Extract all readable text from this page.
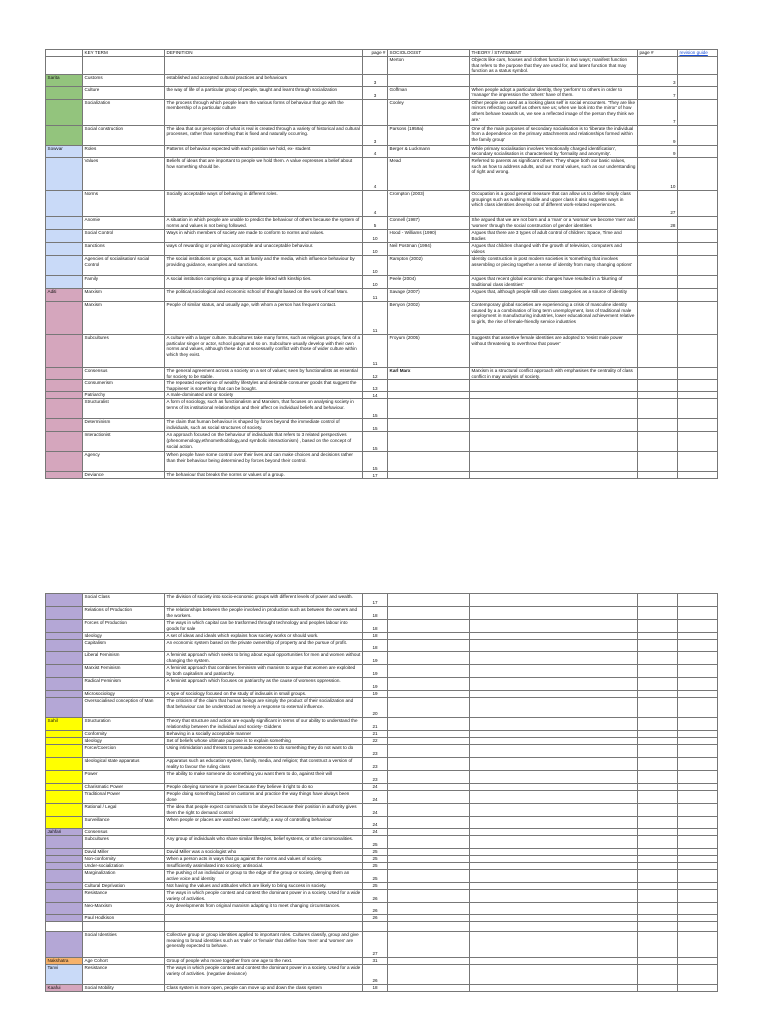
	KEY TERM	DEFINITION	page #	SOCIOLOGIST	THEORY / STATEMENT	page #	revision guide
				Merton	Objects like cars, houses and clothes function in two ways; manifest function that refers to the purpose that they are used for, and latent function that may function as a status symbol.		
Sarita	Customs	established and accepted cultural practices and behaviours	3			3	
	Culture	the way of life of a particular group of people, taught and learnt through socialization	3	Goffman	When people adopt a particular identity, they 'perform' to others in order to 'manage' the impression the 'others' have of them.	7	
	Socialization	The process through which people learn the various forms of behaviour that go with the membership of a particular culture		Cooley	Other people are used as a looking glass self in social encounters. 'They are like mirrors reflecting ourself as others see us; when we look into the mirror' of how others behave towards us, we see a reflected image of the person they think we are.'	7	
	Social construction	The idea that our perception of what is real is created through a variety of historical and cultural processes, rather than something that is fixed and naturally occurring.	3	Parsons (1959a)	One of the main purposes of secondary socialisation is to 'liberate the individual from a dependence on the primary attachments and relationships formed within the family group'	9	
Sowvar	Roles	Patterns of behaviour expected with each position we hold, ex- student	4	Berger & Luckmann	While primary socialisation involves 'emotionally charged identification', secondary socialisation is characterised by 'formality and anonymity'.	9	
	Values	Beliefs of ideas that are important to people we hold them. A value expresses a belief about how something should be.	4	Mead	Referred to parents as significant others. They shape both our basic values, such as how to address adults, and our moral values, such as our understanding of right and wrong.	10	
	Norms	Socially acceptable ways of behaving in different roles.	4	Crompton (2003)	Occupation is a good general measure that can allow us to define simply class groupings such as walking middle and upper class it also suggests ways in which class identities develop out of different work-related experiences.	27	
	Anomie	A situation in which people are unable to predict the behaviour of others because the system of norms and values is not being followed.	5	Connell (1987)	She argued that we are not born and a 'man' or a 'woman' we become 'men' and 'women' through the social construction of gender identities	28	
	Social Control	Ways in which members of society are made to conform to norms and values.	10	Hood - Williams (1990)	Argues that there are 3 types of adult control of children: Space, Time and Bodies		
	Sanctions	ways of rewarding or punishing acceptable and unacceptable behaviour.	10	Neil Postman (1994)	Argues that children changed with the growth of television, computers and videos		
	Agencies of socialisation/ social Control	The social institutions or groups, such as family and the media, which influence behaviour by providing guidance, examples and sanctions.	10	Rampton (2002)	Identity construction in post modern societies is 'something that involves assembling or piecing together a sense of identity from many changing options'		
	Family	A social institution comprising a group of people linked with kinship ties.	10	Peele (2004)	Argues that recent global economic changes have resulted in a 'blurring of traditional class identities'		
Aditi	Marxism	The political,sociological and economic school of thought based on the work of Karl Marx.	11	Savage (2007)	Argues that, although people still use class categories as a source of identity		
	Marxism	People of similar status, and usually age, with whom a person has frequent contact.	11	Benyon (2002)	Contemporary global societies are experiencing a crisis of masculine identity caused by a a combination of long term unemployment, loss of traditional male employment in manufacturing industries, lower educational achievement relative to girls, the rise of female-friendly service industries		
	Subcultures	A culture with a larger culture. Subcultures take many forms, such as religious groups, fans of a particular singer or actor, school gangs and so on. Subculture usually develop with their own norms and values, although these do not necessarily conflict with those of wider culture within which they exist.	11	Froyum (2005)	Suggests that assertive female identities are adopted to 'resist male power without threatening to overthrow that power'		
	Consensus	The general agreement across a society on a set of values; seen by functionalists as essential for society to be stable.	12	Karl Marx	Marxism is a structural conflict approach with emphasises the centrality of class conflict in may analysis of society.		
	Consumerism	The repeated experience of wealthy lifestyles and desirable consumer goods that suggest the 'happiness' is something that can be bought.	13				
	Patriarchy	A male-dominated unit or society	14				
	Structuralist	A form of sociology, such as functionalism and Marxism, that focuses on analysing society in terms of its institutional relationships and their affect on individual beliefs and behaviour.	15				
	Determinism	The claim that human behaviour is shaped by forces beyond the immediate control of individuals, such as social structures of society.	15				
	Interactionist	An approach focused on the behaviour of individuals that refers to 3 related perspectives (phenomenology,ethnomethodology,and symbolic interactionism) , based on the concept of social action.	15				
	Agency	When people have some control over their lives and can make choices and decisions rather than their behaviour being determined by forces beyond their control.	15				
	Deviance	The behaviour that breaks the norms or values of a group.	17				
	Social Class	The division of society into socio-economic groups with different levels of power and wealth.	17				
	Relations of Production	The relationships between the people involved in production such as between the owners and the workers.	18				
	Forces of Production	The ways in which capital can be trasformed throught technology and peoples labour into goods for sale	18				
	Ideology	A set of ideas and ideals which explains how society works or should work.	18				
	Capitalism	An economic system based on the private ownership of property and the pursue of profit.	18				
	Liberal Feminism	A feminist approach which seeks to bring about equal opportunities for men and women without changing the system.	19				
	Marxist Feminism	A feminist approach that combines feminism with marxism to argue that women are exploited by both capitalism and patriarchy.	19				
	Radical Feminism	A feminist approach which focuses on patriarchy as the cause of womens oppression.	19				
	Microsociology	A type of sociology focused on the study of indivuals in small groups.	19				
	Oversocialised conception of Man	The criticism of the claim that human beings are simply the product of their socialization and that behaviour can be understood as merely a response to external influence.	20				
Sahil	Structuration	Theory that structure and action are equally significant in terms of our ability to understand the relationship between the individual and society- Giddens	21				
	Conformity	Behaving in a socially acceptable manner	21				
	Ideology	Set of beliefs whose ultimate purpose is to explain something	22				
	Force/Coercion	Using intimidation and threats to persuade someone to do something they do not want to do	23				
	Ideological state apparatus	Apparatus such as education system, family, media, and religion; that construct a version of reality to favour the ruling class	23				
	Power	The ability to make someone do something you want them to do, against their will	23				
	Charismatic Power	People obeying someone in power because they believe it right to do so	24				
	Traditional Power	People doing something based on customs and practice the way things have always been done	24				
	Rational / Legal	The idea that people expect commands to be obeyed because their position in authority gives them the right to demand control	24				
	Surveillance	When people or places are watched over carefully; a way of controlling behaviour	24				
Jahfari	Consensus		24				
	Subcultures	Any group of individuals who share similar lifestyles, belief systems, or other commonalities.	25				
	David Miller	David Miller was a sociologist who	25				
	Non-conformity	When a person acts in ways that go against the norms and values of society.	25				
	Under-socialization	Insufficiently assimilated into society; antisocial.	25				
	Marginalization	The pushing of an individual or group to the edge of the group or society, denying them an active voice and identity	25				
	Cultural Deprivation	Not having the values and attitudes which are likely to bring success in society.	25				
	Resistance	The ways in which people contest and contest the dominant power in a society. Used for a wide variety of activities.	26				
	Neo-Marxism	Any developments from original marxism adapting it to meet changing circumstances.	26				
	Paul Hodkison		26				

	Social Identities	Collective group or group identities applied to important roles. Cultures classify, group and give meaning to broad identities such as 'male' or 'female' that define how 'men' and 'women' are generally expected to behave.	27				
Nakshatra	Age Cohort	Group of people who move together from one age to the next.	31				
Tanvi	Resistance	The ways in which people contest and contest the dominant power in a society. Used for a wide variety of activities. (negative deviance)	26				
Kaafui	Social Mobility	Class system is more open, people can move up and down the class system	18				
